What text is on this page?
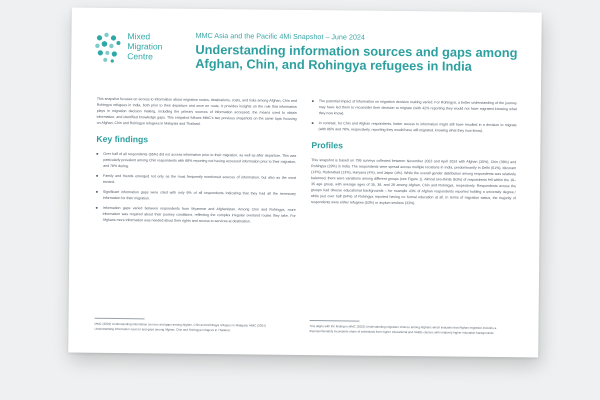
Mixed
Migration
Centre
MMC Asia and the Pacific 4Mi Snapshot – June 2024
Understanding information sources and gaps among Afghan, Chin, and Rohingya refugees in India

This snapshot focuses on access to information about migration routes, destinations, costs, and risks among Afghan, Chin and Rohingya refugees in India, both prior to their departure and once en route. It provides insights on the role that information plays in migration decision making, including the primary sources of information accessed, the means used to obtain information, and identified knowledge gaps. This snapshot follows MMC's two previous snapshots on the same topic focusing on Afghan, Chin and Rohingya refugees in Malaysia and Thailand.

Key findings
Over half of all respondents (55%) did not access information prior to their migration, as well as after departure. This was particularly prevalent among Chin respondents with 68% reporting not having accessed information prior to their migration, and 78% during.
Family and friends emerged not only as the most frequently mentioned sources of information, but also as the most trusted.
Significant information gaps were cited with only 6% of all respondents indicating that they had all the necessary information for their migration.
Information gaps varied between respondents from Myanmar and Afghanistan. Among Chin and Rohingya, more information was required about their journey conditions, reflecting the complex irregular overland routes they take. For Afghans more information was needed about their rights and access to services at destination.
The potential impact of information on migration decision making varied. For Rohingya, a better understanding of the journey may have led them to reconsider their decision to migrate (with 42% reporting they would not have migrated knowing what they now know).
In contrast, for Chin and Afghan respondents, better access to information might still have resulted in a decision to migrate (with 86% and 78%, respectively, reporting they would have still migrated, knowing what they now know).
Profiles

This snapshot is based on 799 surveys collected between November 2023 and April 2024 with Afghan (35%), Chin (36%) and Rohingya (29%) in India. The respondents were spread across multiple locations in India, predominantly in Delhi (51%), Mizoram (13%), Hyderabad (13%), Haryana (4%), and Jaipur (4%). While the overall gender distribution among respondents was relatively balanced, there were variations among different groups (see Figure 1). Almost two-thirds (63%) of respondents fell within the 18–35 age group, with average ages of 35, 38, and 28 among Afghan, Chin and Rohingya, respectively. Respondents across the groups had diverse educational backgrounds – for example 43% of Afghan respondents reported holding a university degree,¹ while just over half (54%) of Rohingya reported having no formal education at all. In terms of migration status, the majority of respondents were either refugees (53%) or asylum seekers (33%).

MMC (2023) Understanding information sources and gaps among Afghan, Chin and Rohingya refugees in Malaysia; MMC (2024) Understanding information sources and gaps among Afghan, Chin and Rohingya refugees in Thailand.	This aligns with the finding in MMC (2023) Understanding migration choices among Afghans which indicates that Afghan migration includes a disproportionately incomplete share of individuals from higher educational and middle classes with relatively higher education backgrounds.
